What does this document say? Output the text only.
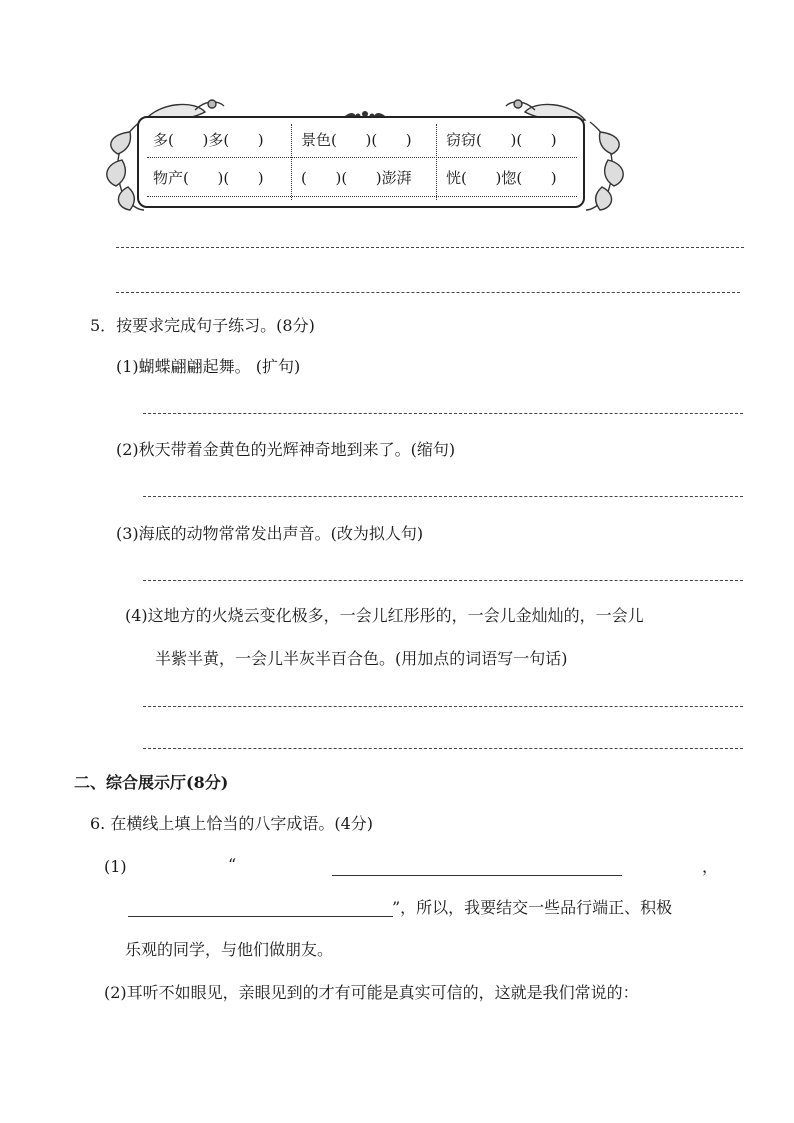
多(      )多(      ) 景色(      )(      ) 窃窃(      )(      )
物产(      )(      ) (      )(      )澎湃 恍(      )惚(      )
5．按要求完成句子练习。(8分)
(1)蝴蝶翩翩起舞。 (扩句)
(2)秋天带着金黄色的光辉神奇地到来了。(缩句)
(3)海底的动物常常发出声音。(改为拟人句)
(4)这地方的火烧云变化极多，一会儿红彤彤的，一会儿金灿灿的，一会儿
半紫半黄，一会儿半灰半百合色。(用加点的词语写一句话)
二、综合展示厅(8分)
6. 在横线上填上恰当的八字成语。(4分)
(1)	“	，
”，所以，我要结交一些品行端正、积极
乐观的同学，与他们做朋友。
(2)耳听不如眼见，亲眼见到的才有可能是真实可信的，这就是我们常说的：
